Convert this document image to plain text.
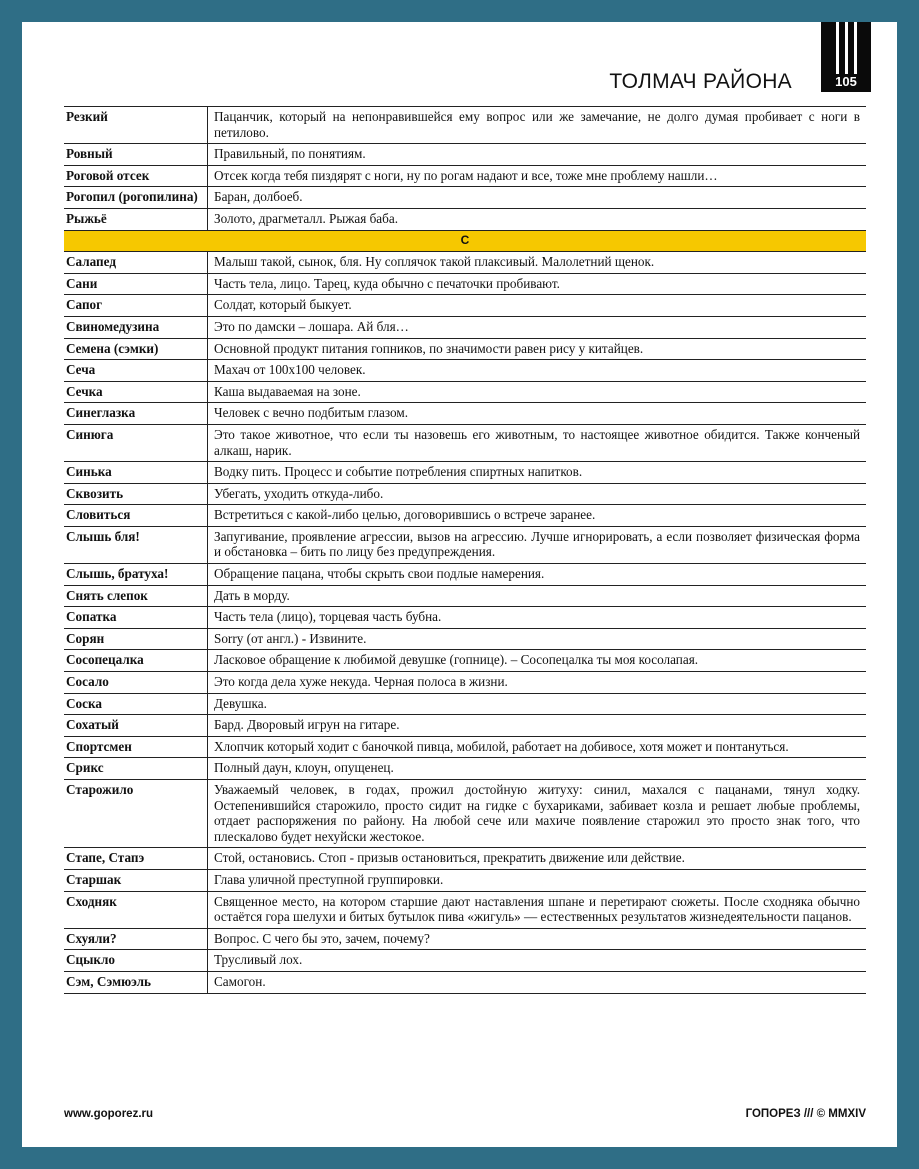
105
ТОЛМАЧ РАЙОНА
Резкий	Пацанчик, который на непонравившейся ему вопрос или же замечание, не долго думая пробивает с ноги в петилово.
Ровный	Правильный, по понятиям.
Роговой отсек	Отсек когда тебя пиздярят с ноги, ну по рогам надают и все, тоже мне проблему нашли…
Рогопил (рогопилина)	Баран, долбоеб.
Рыжьё	Золото, драгметалл. Рыжая баба.
С	
Салапед	Малыш такой, сынок, бля. Ну соплячок такой плаксивый. Малолетний щенок.
Сани	Часть тела, лицо. Тарец, куда обычно с печаточки пробивают.
Сапог	Солдат, который быкует.
Свиномедузина	Это по дамски – лошара. Ай бля…
Семена (сэмки)	Основной продукт питания гопников, по значимости равен рису у китайцев.
Сеча	Махач от 100х100 человек.
Сечка	Каша выдаваемая на зоне.
Синеглазка	Человек с вечно подбитым глазом.
Синюга	Это такое животное, что если ты назовешь его животным, то настоящее животное обидится. Также конченый алкаш, нарик.
Синька	Водку пить. Процесс и событие потребления спиртных напитков.
Сквозить	Убегать, уходить откуда-либо.
Словиться	Встретиться с какой-либо целью, договорившись о встрече заранее.
Слышь бля!	Запугивание, проявление агрессии, вызов на агрессию. Лучше игнорировать, а если позволяет физическая форма и обстановка – бить по лицу без предупреждения.
Слышь, братуха!	Обращение пацана, чтобы скрыть свои подлые намерения.
Снять слепок	Дать в морду.
Сопатка	Часть тела (лицо), торцевая часть бубна.
Сорян	Sorry (от англ.) - Извините.
Сосопецалка	Ласковое обращение к любимой девушке (гопнице). – Сосопецалка ты моя косолапая.
Сосало	Это когда дела хуже некуда. Черная полоса в жизни.
Соска	Девушка.
Сохатый	Бард. Дворовый игрун на гитаре.
Спортсмен	Хлопчик который ходит с баночкой пивца, мобилой, работает на добивосе, хотя может и понтануться.
Срикс	Полный даун, клоун, опущенец.
Старожило	Уважаемый человек, в годах, прожил достойную житуху: синил, махался с пацанами, тянул ходку. Остепенившийся старожило, просто сидит на гидке с бухариками, забивает козла и решает любые проблемы, отдает распоряжения по району. На любой сече или махиче появление старожил это просто знак того, что плескалово будет нехуйски жестокое.
Стапе, Стапэ	Стой, остановись. Стоп - призыв остановиться, прекратить движение или действие.
Старшак	Глава уличной преступной группировки.
Сходняк	Священное место, на котором старшие дают наставления шпане и перетирают сюжеты. После сходняка обычно остаётся гора шелухи и битых бутылок пива «жигуль» — естественных результатов жизнедеятельности пацанов.
Схуяли?	Вопрос. С чего бы это, зачем, почему?
Сцыкло	Трусливый лох.
Сэм, Сэмюэль	Самогон.
www.goporez.ru	ГОПОРЕЗ /// © MMXIV
